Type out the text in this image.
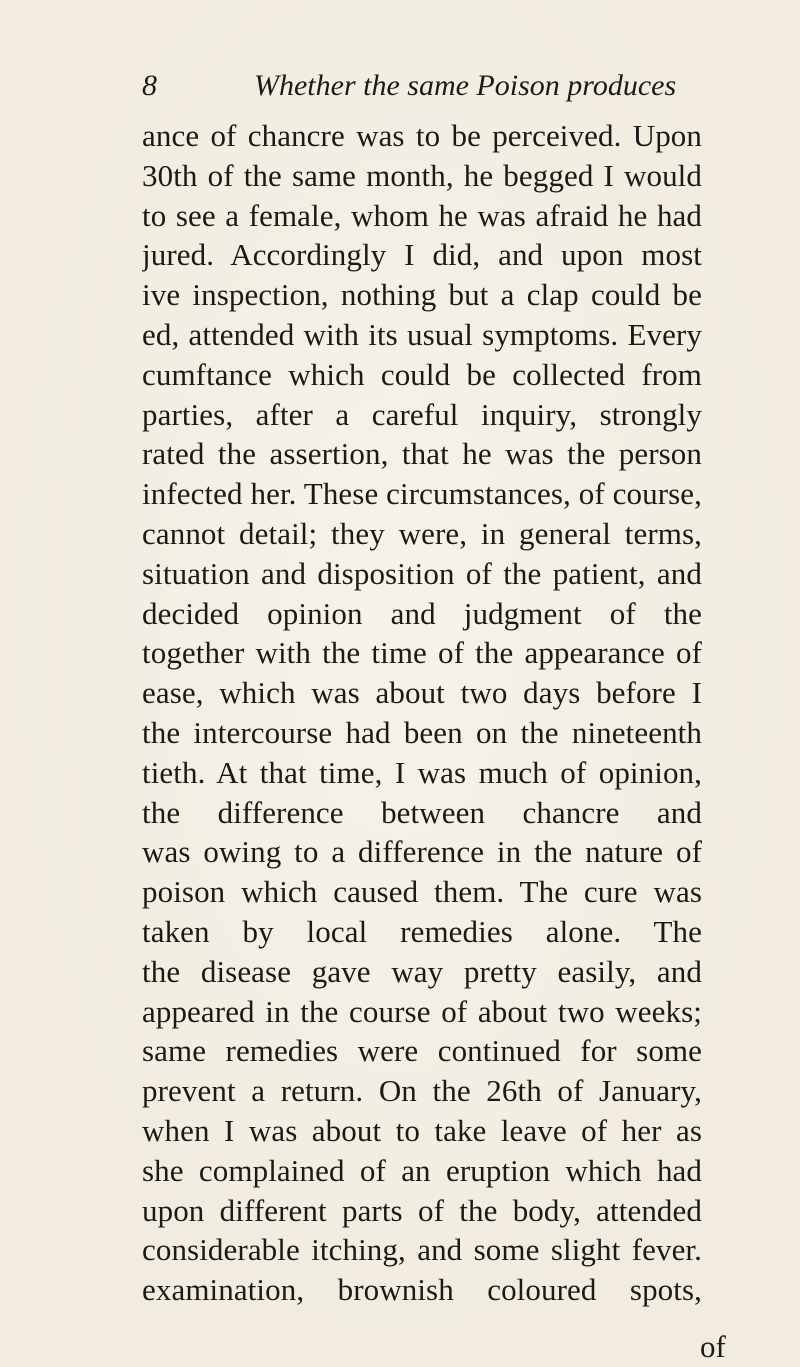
8	Whether the same Poison produces
ance of chancre was to be perceived. Upon
30th of the same month, he begged I would
to see a female, whom he was afraid he had
jured. Accordingly I did, and upon most
ive inspection, nothing but a clap could be
ed, attended with its usual symptoms. Every
cumftance which could be collected from
parties, after a careful inquiry, strongly
rated the assertion, that he was the person
infected her. These circumstances, of course,
cannot detail; they were, in general terms,
situation and disposition of the patient, and
decided opinion and judgment of the
together with the time of the appearance of
ease, which was about two days before I
the intercourse had been on the nineteenth
tieth. At that time, I was much of opinion,
the difference between chancre and
was owing to a difference in the nature of
poison which caused them. The cure was
taken by local remedies alone. The
the disease gave way pretty easily, and
appeared in the course of about two weeks;
same remedies were continued for some
prevent a return. On the 26th of January,
when I was about to take leave of her as
she complained of an eruption which had
upon different parts of the body, attended
considerable itching, and some slight fever.
examination, brownish coloured spots,
of
